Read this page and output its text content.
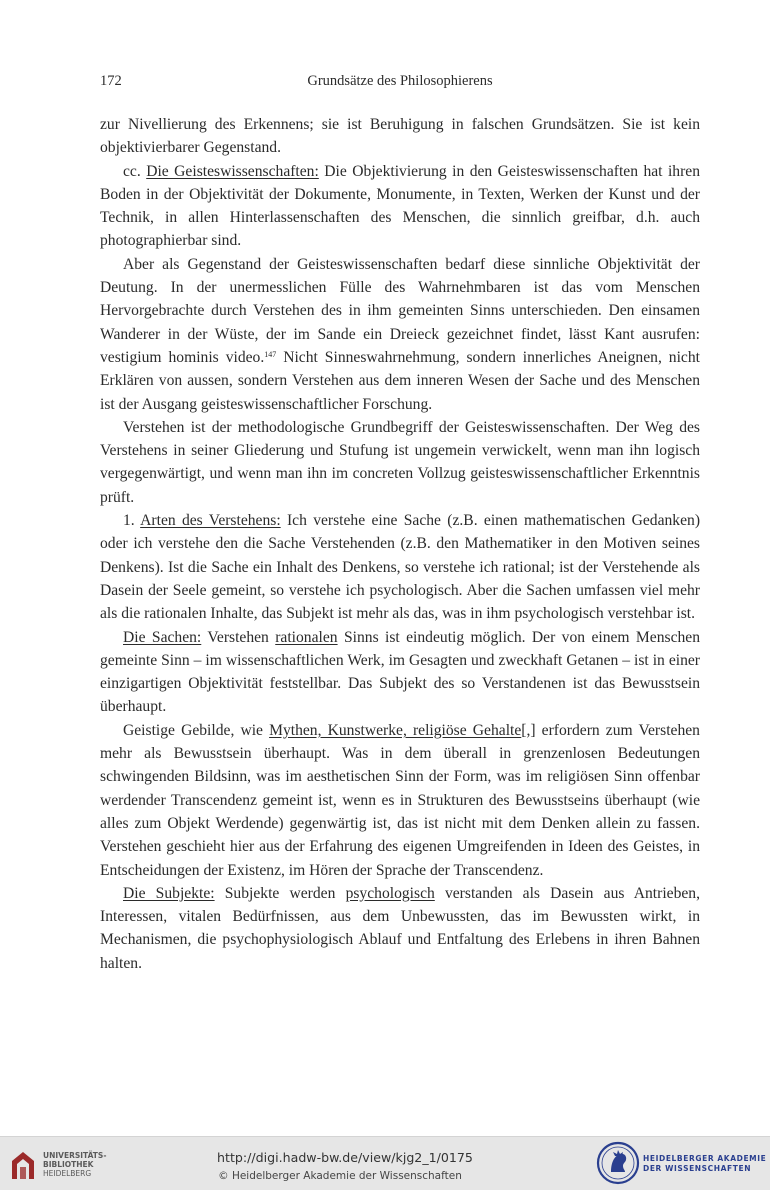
172	Grundsätze des Philosophierens

zur Nivellierung des Erkennens; sie ist Beruhigung in falschen Grundsätzen. Sie ist kein objektivierbarer Gegenstand.

cc. Die Geisteswissenschaften: Die Objektivierung in den Geisteswissenschaften hat ihren Boden in der Objektivität der Dokumente, Monumente, in Texten, Werken der Kunst und der Technik, in allen Hinterlassenschaften des Menschen, die sinnlich greifbar, d.h. auch photographierbar sind.

Aber als Gegenstand der Geisteswissenschaften bedarf diese sinnliche Objektivität der Deutung. In der unermesslichen Fülle des Wahrnehmbaren ist das vom Menschen Hervorgebrachte durch Verstehen des in ihm gemeinten Sinns unterschieden. Den einsamen Wanderer in der Wüste, der im Sande ein Dreieck gezeichnet findet, lässt Kant ausrufen: vestigium hominis video.$^{147}$ Nicht Sinneswahrnehmung, sondern innerliches Aneignen, nicht Erklären von aussen, sondern Verstehen aus dem inneren Wesen der Sache und des Menschen ist der Ausgang geisteswissenschaftlicher Forschung.

Verstehen ist der methodologische Grundbegriff der Geisteswissenschaften. Der Weg des Verstehens in seiner Gliederung und Stufung ist ungemein verwickelt, wenn man ihn logisch vergegenwärtigt, und wenn man ihn im concreten Vollzug geisteswissenschaftlicher Erkenntnis prüft.

1. Arten des Verstehens: Ich verstehe eine Sache (z.B. einen mathematischen Gedanken) oder ich verstehe den die Sache Verstehenden (z.B. den Mathematiker in den Motiven seines Denkens). Ist die Sache ein Inhalt des Denkens, so verstehe ich rational; ist der Verstehende als Dasein der Seele gemeint, so verstehe ich psychologisch. Aber die Sachen umfassen viel mehr als die rationalen Inhalte, das Subjekt ist mehr als das, was in ihm psychologisch verstehbar ist.

Die Sachen: Verstehen rationalen Sinns ist eindeutig möglich. Der von einem Menschen gemeinte Sinn – im wissenschaftlichen Werk, im Gesagten und zweckhaft Getanen – ist in einer einzigartigen Objektivität feststellbar. Das Subjekt des so Verstandenen ist das Bewusstsein überhaupt.

Geistige Gebilde, wie Mythen, Kunstwerke, religiöse Gehalte[,] erfordern zum Verstehen mehr als Bewusstsein überhaupt. Was in dem überall in grenzenlosen Bedeutungen schwingenden Bildsinn, was im aesthetischen Sinn der Form, was im religiösen Sinn offenbar werdender Transcendenz gemeint ist, wenn es in Strukturen des Bewusstseins überhaupt (wie alles zum Objekt Werdende) gegenwärtig ist, das ist nicht mit dem Denken allein zu fassen. Verstehen geschieht hier aus der Erfahrung des eigenen Umgreifenden in Ideen des Geistes, in Entscheidungen der Existenz, im Hören der Sprache der Transcendenz.

Die Subjekte: Subjekte werden psychologisch verstanden als Dasein aus Antrieben, Interessen, vitalen Bedürfnissen, aus dem Unbewussten, das im Bewussten wirkt, in Mechanismen, die psychophysiologisch Ablauf und Entfaltung des Erlebens in ihren Bahnen halten.

UNIVERSITÄTS-
BIBLIOTHEK
HEIDELBERG
http://digi.hadw-bw.de/view/kjg2_1/0175
© Heidelberger Akademie der Wissenschaften
HEIDELBERGER AKADEMIE
DER WISSENSCHAFTEN
